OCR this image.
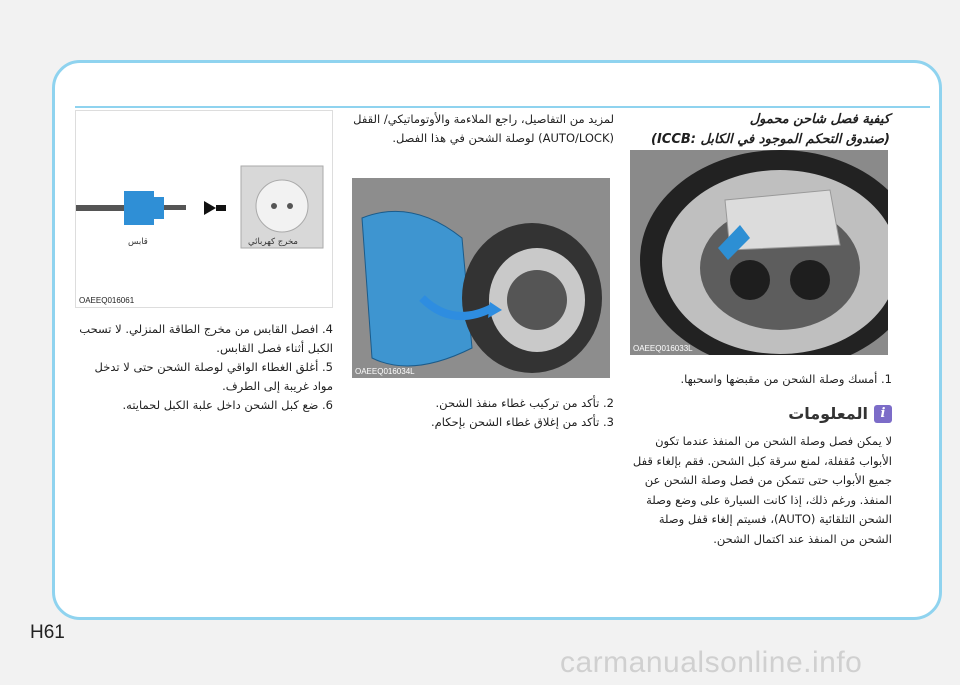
كيفية فصل شاحن محمول
(صندوق التحكم الموجود في الكابل :ICCB)
OAEEQ016033L

1. أمسك وصلة الشحن من مقبضها واسحبها.

i
المعلومات

لا يمكن فصل وصلة الشحن من المنفذ عندما تكون الأبواب مُقفلة، لمنع سرقة كبل الشحن. فقم بإلغاء قفل جميع الأبواب حتى تتمكن من فصل وصلة الشحن عن المنفذ. ورغم ذلك، إذا كانت السيارة على وضع وصلة الشحن التلقائية (AUTO)، فسيتم إلغاء قفل وصلة الشحن من المنفذ عند اكتمال الشحن.

لمزيد من التفاصيل، راجع الملاءمة والأوتوماتيكي/ القفل (AUTO/LOCK) لوصلة الشحن في هذا الفصل.

OAEEQ016034L

2. تأكد من تركيب غطاء منفذ الشحن.

3. تأكد من إغلاق غطاء الشحن بإحكام.

مخرج كهربائي
قابس
OAEEQ016061

4. افصل القابس من مخرج الطاقة المنزلي. لا تسحب الكبل أثناء فصل القابس.

5. أغلق الغطاء الواقي لوصلة الشحن حتى لا تدخل مواد غريبة إلى الطرف.

6. ضع كبل الشحن داخل علبة الكبل لحمايته.

H61
carmanualsonline.info
